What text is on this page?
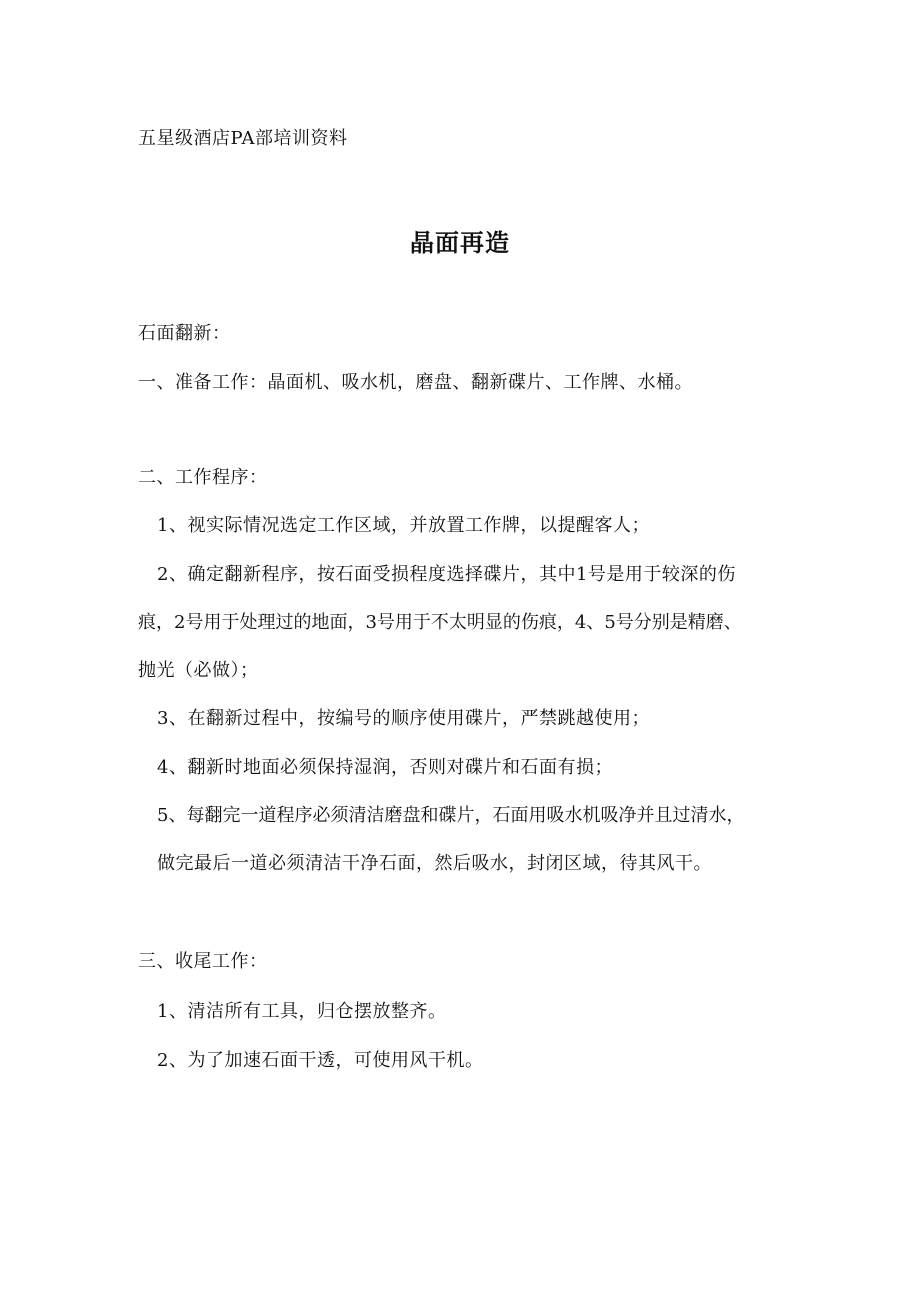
五星级酒店PA部培训资料
晶面再造
石面翻新：
一、准备工作：晶面机、吸水机，磨盘、翻新碟片、工作牌、水桶。
二、工作程序：
1、视实际情况选定工作区域，并放置工作牌，以提醒客人；
2、确定翻新程序，按石面受损程度选择碟片，其中1号是用于较深的伤
痕，2号用于处理过的地面，3号用于不太明显的伤痕，4、5号分别是精磨、
抛光（必做）；
3、在翻新过程中，按编号的顺序使用碟片，严禁跳越使用；
4、翻新时地面必须保持湿润，否则对碟片和石面有损；
5、每翻完一道程序必须清洁磨盘和碟片，石面用吸水机吸净并且过清水，
做完最后一道必须清洁干净石面，然后吸水，封闭区域，待其风干。
三、收尾工作：
1、清洁所有工具，归仓摆放整齐。
2、为了加速石面干透，可使用风干机。
